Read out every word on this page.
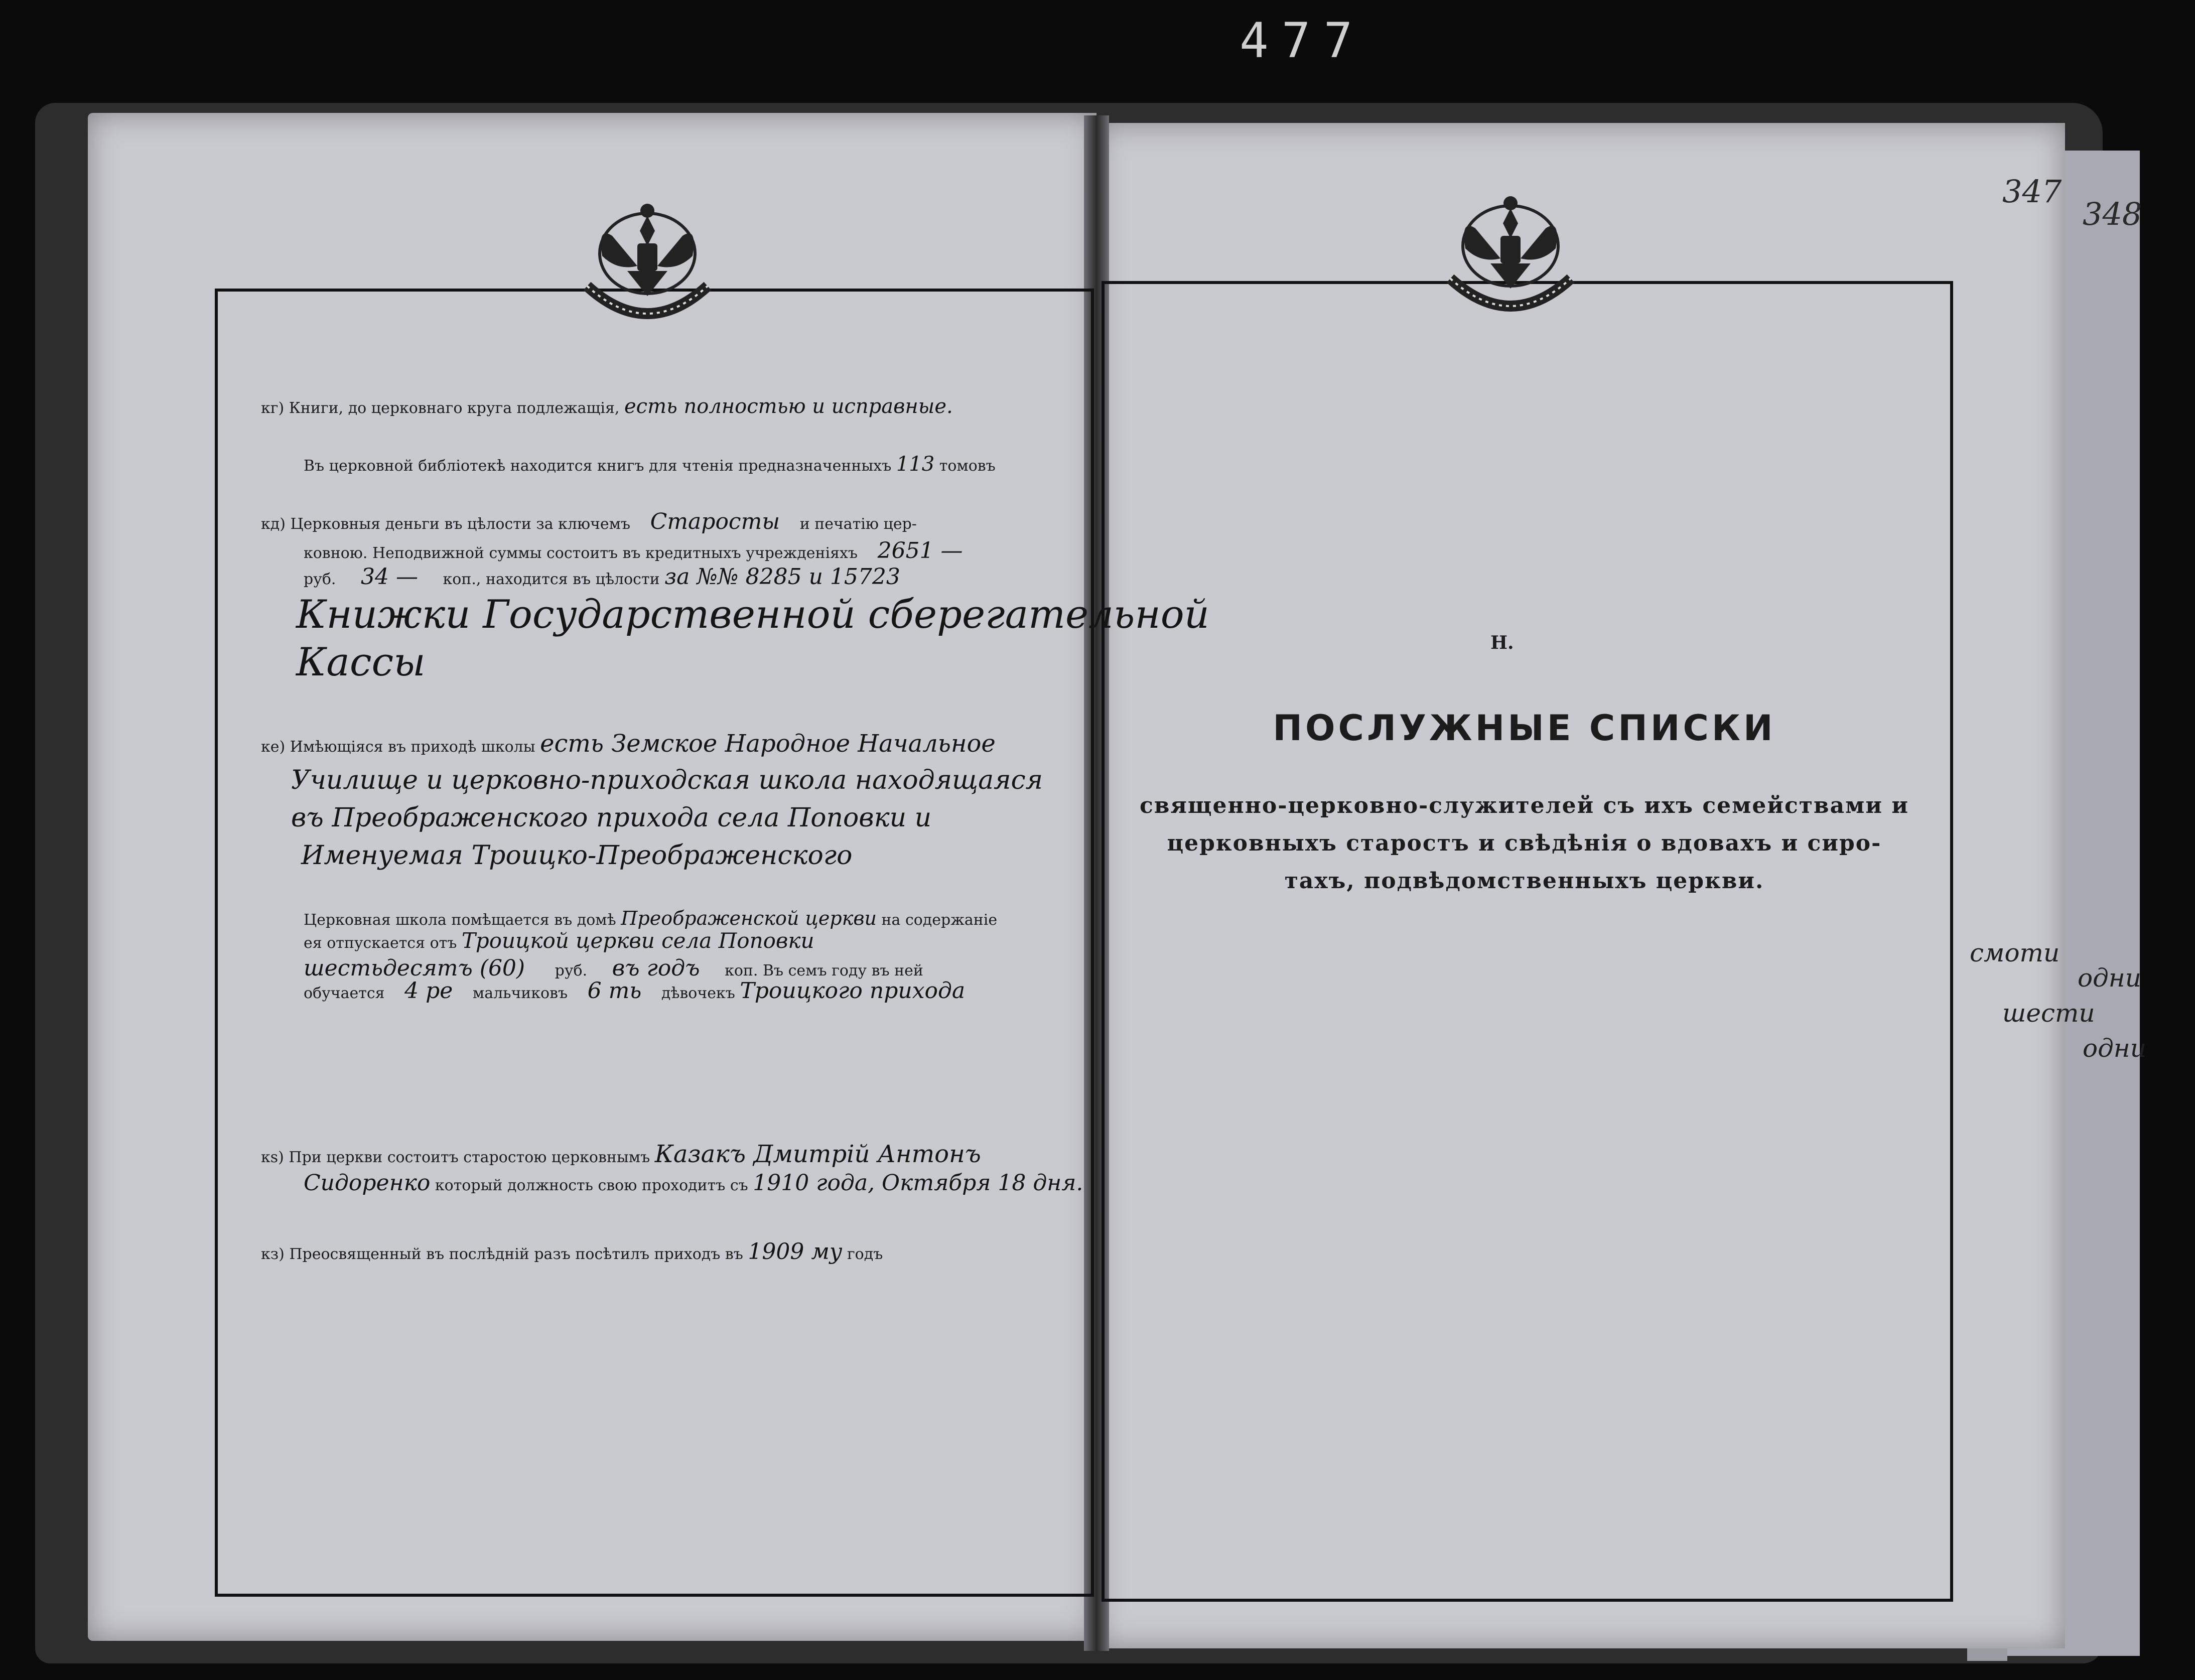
477
347
348
кг) Книги, до церковнаго круга подлежащія, есть полностью и исправные.
Въ церковной библіотекѣ находится книгъ для чтенія предназначенныхъ 113 томовъ
кд) Церковныя деньги въ цѣлости за ключемъ Старосты и печатію цер-
ковною. Неподвижной суммы состоитъ въ кредитныхъ учрежденіяхъ 2651 —
руб. 34 — коп., находится въ цѣлости за №№ 8285 и 15723
Книжки Государственной сберегательной
Кассы
ке) Имѣющіяся въ приходѣ школы есть Земское Народное Начальное
Училище и церковно-приходская школа находящаяся
въ Преображенского прихода села Поповки и
Именуемая Троицко-Преображенского
Церковная школа помѣщается въ домѣ Преображенской церкви на содержаніе
ея отпускается отъ Троицкой церкви села Поповки
шестьдесятъ (60) руб. въ годъ коп. Въ семъ году въ ней
обучается 4 ре мальчиковъ 6 ть дѣвочекъ Троицкого прихода
кѕ) При церкви состоитъ старостою церковнымъ Казакъ Дмитрiй Антонъ
Сидоренко который должность свою проходитъ съ 1910 года, Октября 18 дня.
кз) Преосвященный въ послѣдній разъ посѣтилъ приходъ въ 1909 му годъ
Н.
ПОСЛУЖНЫЕ СПИСКИ
священно-церковно-служителей съ ихъ семействами и
церковныхъ старостъ и свѣдѣнія о вдовахъ и сиро-
тахъ, подвѣдомственныхъ церкви.
смоти
одни
шести
одни
